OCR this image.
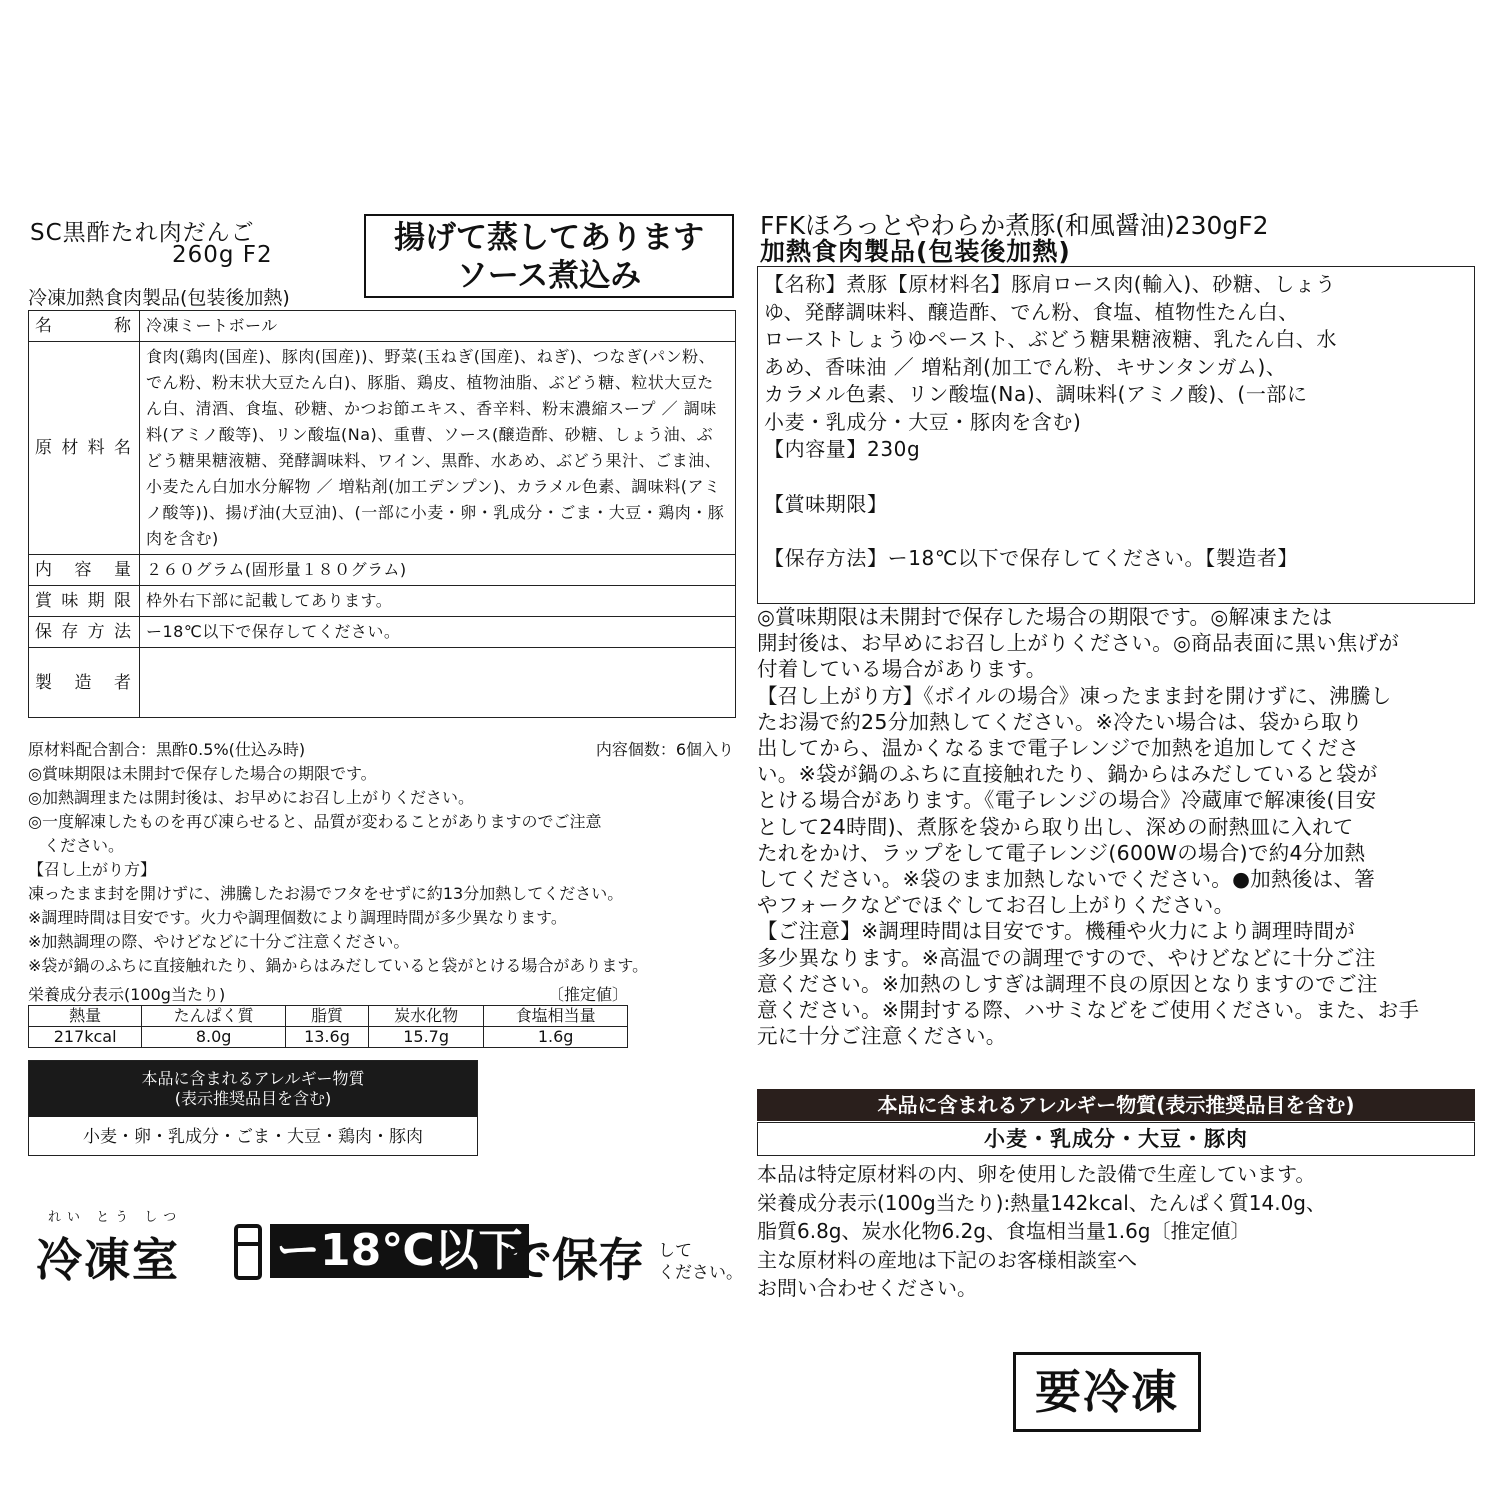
SC黒酢たれ肉だんご
260g F2	揚げて蒸してあります
ソース煮込み
冷凍加熱食肉製品(包装後加熱)
名　称	冷凍ミートボール
原材料名	食肉(鶏肉(国産)、豚肉(国産))、野菜(玉ねぎ(国産)、ねぎ)、つなぎ(パン粉、でん粉、粉末状大豆たん白)、豚脂、鶏皮、植物油脂、ぶどう糖、粒状大豆たん白、清酒、食塩、砂糖、かつお節エキス、香辛料、粉末濃縮スープ ／ 調味料(アミノ酸等)、リン酸塩(Na)、重曹、ソース(醸造酢、砂糖、しょう油、ぶどう糖果糖液糖、発酵調味料、ワイン、黒酢、水あめ、ぶどう果汁、ごま油、小麦たん白加水分解物 ／ 増粘剤(加工デンプン)、カラメル色素、調味料(アミノ酸等))、揚げ油(大豆油)、(一部に小麦・卵・乳成分・ごま・大豆・鶏肉・豚肉を含む)
内容量	２６０グラム(固形量１８０グラム)
賞味期限	枠外右下部に記載してあります。
保存方法	ー18℃以下で保存してください。
製造者	
原材料配合割合：黒酢0.5%(仕込み時)	内容個数：6個入り
◎賞味期限は未開封で保存した場合の期限です。
◎加熱調理または開封後は、お早めにお召し上がりください。
◎一度解凍したものを再び凍らせると、品質が変わることがありますのでご注意
　ください。
【召し上がり方】
凍ったまま封を開けずに、沸騰したお湯でフタをせずに約13分加熱してください。
※調理時間は目安です。火力や調理個数により調理時間が多少異なります。
※加熱調理の際、やけどなどに十分ご注意ください。
※袋が鍋のふちに直接触れたり、鍋からはみだしていると袋がとける場合があります。
栄養成分表示(100g当たり)	〔推定値〕
熱量	たんぱく質	脂質	炭水化物	食塩相当量
217kcal	8.0g	13.6g	15.7g	1.6g
本品に含まれるアレルギー物質
(表示推奨品目を含む)
小麦・卵・乳成分・ごま・大豆・鶏肉・豚肉
れい とう しつ
冷凍室 ー18℃以下
で保存 して
ください。
FFKほろっとやわらか煮豚(和風醤油)230gF2
加熱食肉製品(包装後加熱)
【名称】煮豚【原材料名】豚肩ロース肉(輸入)、砂糖、しょう
ゆ、発酵調味料、醸造酢、でん粉、食塩、植物性たん白、
ローストしょうゆペースト、ぶどう糖果糖液糖、乳たん白、水
あめ、香味油 ／ 増粘剤(加工でん粉、キサンタンガム)、
カラメル色素、リン酸塩(Na)、調味料(アミノ酸)、(一部に
小麦・乳成分・大豆・豚肉を含む)
【内容量】230g
【賞味期限】
【保存方法】ー18℃以下で保存してください。【製造者】
◎賞味期限は未開封で保存した場合の期限です。◎解凍または
開封後は、お早めにお召し上がりください。◎商品表面に黒い焦げが
付着している場合があります。
【召し上がり方】《ボイルの場合》凍ったまま封を開けずに、沸騰し
たお湯で約25分加熱してください。※冷たい場合は、袋から取り
出してから、温かくなるまで電子レンジで加熱を追加してくださ
い。※袋が鍋のふちに直接触れたり、鍋からはみだしていると袋が
とける場合があります。《電子レンジの場合》冷蔵庫で解凍後(目安
として24時間)、煮豚を袋から取り出し、深めの耐熱皿に入れて
たれをかけ、ラップをして電子レンジ(600Wの場合)で約4分加熱
してください。※袋のまま加熱しないでください。●加熱後は、箸
やフォークなどでほぐしてお召し上がりください。
【ご注意】※調理時間は目安です。機種や火力により調理時間が
多少異なります。※高温での調理ですので、やけどなどに十分ご注
意ください。※加熱のしすぎは調理不良の原因となりますのでご注
意ください。※開封する際、ハサミなどをご使用ください。また、お手
元に十分ご注意ください。
本品に含まれるアレルギー物質(表示推奨品目を含む)
小麦・乳成分・大豆・豚肉
本品は特定原材料の内、卵を使用した設備で生産しています。
栄養成分表示(100g当たり):熱量142kcal、たんぱく質14.0g、
脂質6.8g、炭水化物6.2g、食塩相当量1.6g〔推定値〕
主な原材料の産地は下記のお客様相談室へ
お問い合わせください。
要冷凍
